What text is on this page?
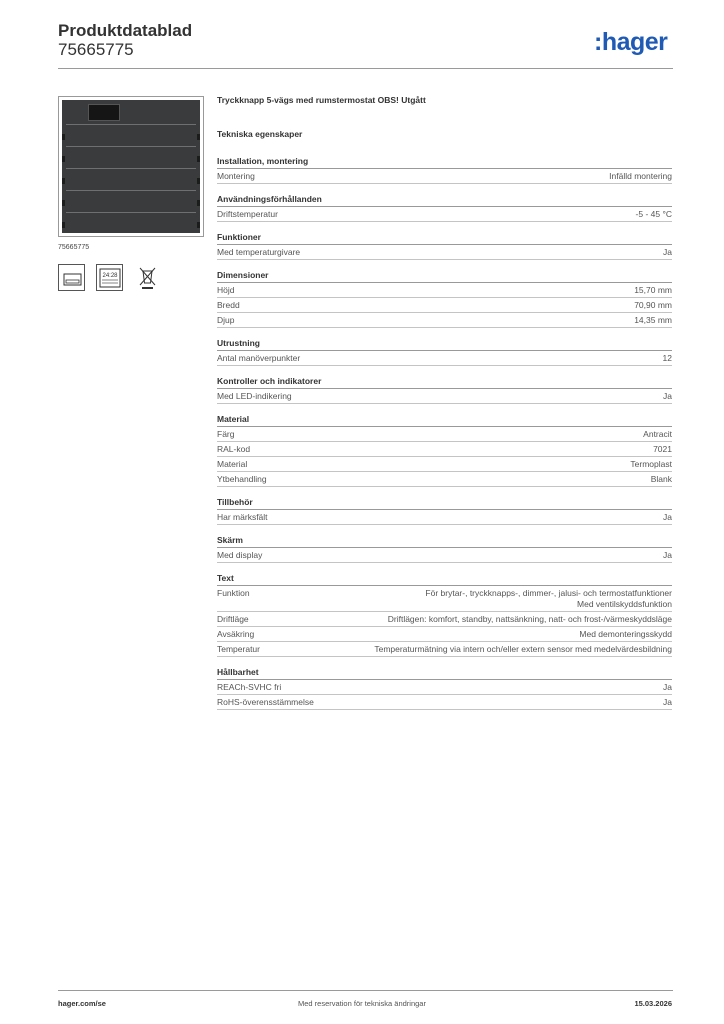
Produktdatablad
75665775	:hager
75665775
24:28
Tryckknapp 5-vägs med rumstermostat OBS! Utgått
Tekniska egenskaper
Installation, montering
Montering	Infälld montering
Användningsförhållanden
Driftstemperatur	-5 - 45 °C
Funktioner
Med temperaturgivare	Ja
Dimensioner
Höjd	15,70 mm
Bredd	70,90 mm
Djup	14,35 mm
Utrustning
Antal manöverpunkter	12
Kontroller och indikatorer
Med LED-indikering	Ja
Material
Färg	Antracit
RAL-kod	7021
Material	Termoplast
Ytbehandling	Blank
Tillbehör
Har märksfält	Ja
Skärm
Med display	Ja
Text
Funktion	För brytar-, tryckknapps-, dimmer-, jalusi- och termostatfunktioner
Med ventilskyddsfunktion
Driftläge	Driftlägen: komfort, standby, nattsänkning, natt- och frost-/värmeskyddsläge
Avsäkring	Med demonteringsskydd
Temperatur	Temperaturmätning via intern och/eller extern sensor med medelvärdesbildning
Hållbarhet
REACh-SVHC fri	Ja
RoHS-överensstämmelse	Ja
hager.com/se	Med reservation för tekniska ändringar	15.03.2026
